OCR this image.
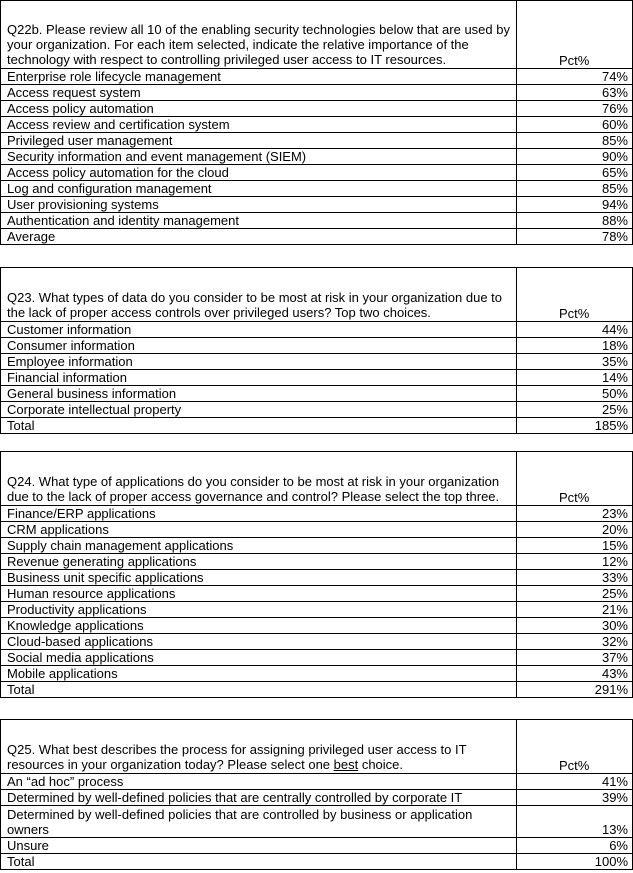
Q22b. Please review all 10 of the enabling security technologies below that are used by your organization. For each item selected, indicate the relative importance of the technology with respect to controlling privileged user access to IT resources.	Pct%
Enterprise role lifecycle management	74%
Access request system	63%
Access policy automation	76%
Access review and certification system	60%
Privileged user management	85%
Security information and event management (SIEM)	90%
Access policy automation for the cloud	65%
Log and configuration management	85%
User provisioning systems	94%
Authentication and identity management	88%
Average	78%
Q23. What types of data do you consider to be most at risk in your organization due to the lack of proper access controls over privileged users? Top two choices.	Pct%
Customer information	44%
Consumer information	18%
Employee information	35%
Financial information	14%
General business information	50%
Corporate intellectual property	25%
Total	185%
Q24. What type of applications do you consider to be most at risk in your organization due to the lack of proper access governance and control? Please select the top three.	Pct%
Finance/ERP applications	23%
CRM applications	20%
Supply chain management applications	15%
Revenue generating applications	12%
Business unit specific applications	33%
Human resource applications	25%
Productivity applications	21%
Knowledge applications	30%
Cloud-based applications	32%
Social media applications	37%
Mobile applications	43%
Total	291%
Q25. What best describes the process for assigning privileged user access to IT resources in your organization today? Please select one best choice.	Pct%
An “ad hoc” process	41%
Determined by well-defined policies that are centrally controlled by corporate IT	39%
Determined by well-defined policies that are controlled by business or application owners	13%
Unsure	6%
Total	100%
